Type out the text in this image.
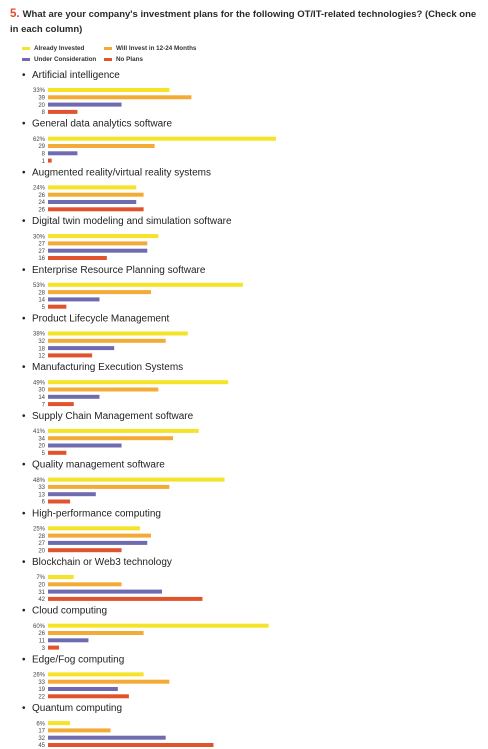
5. What are your company's investment plans for the following OT/IT-related technologies? (Check one in each column)
Already Invested	Will Invest in 12-24 Months
Under Consideration	No Plans
• Artificial intelligence
33%
39
20
8
• General data analytics software
62%
29
8
1
• Augmented reality/virtual reality systems
24%
26
24
26
• Digital twin modeling and simulation software
30%
27
27
16
• Enterprise Resource Planning software
53%
28
14
5
• Product Lifecycle Management
38%
32
18
12
• Manufacturing Execution Systems
49%
30
14
7
• Supply Chain Management software
41%
34
20
5
• Quality management software
48%
33
13
6
• High-performance computing
25%
28
27
20
• Blockchain or Web3 technology
7%
20
31
42
• Cloud computing
60%
26
11
3
• Edge/Fog computing
26%
33
19
22
• Quantum computing
6%
17
32
45
